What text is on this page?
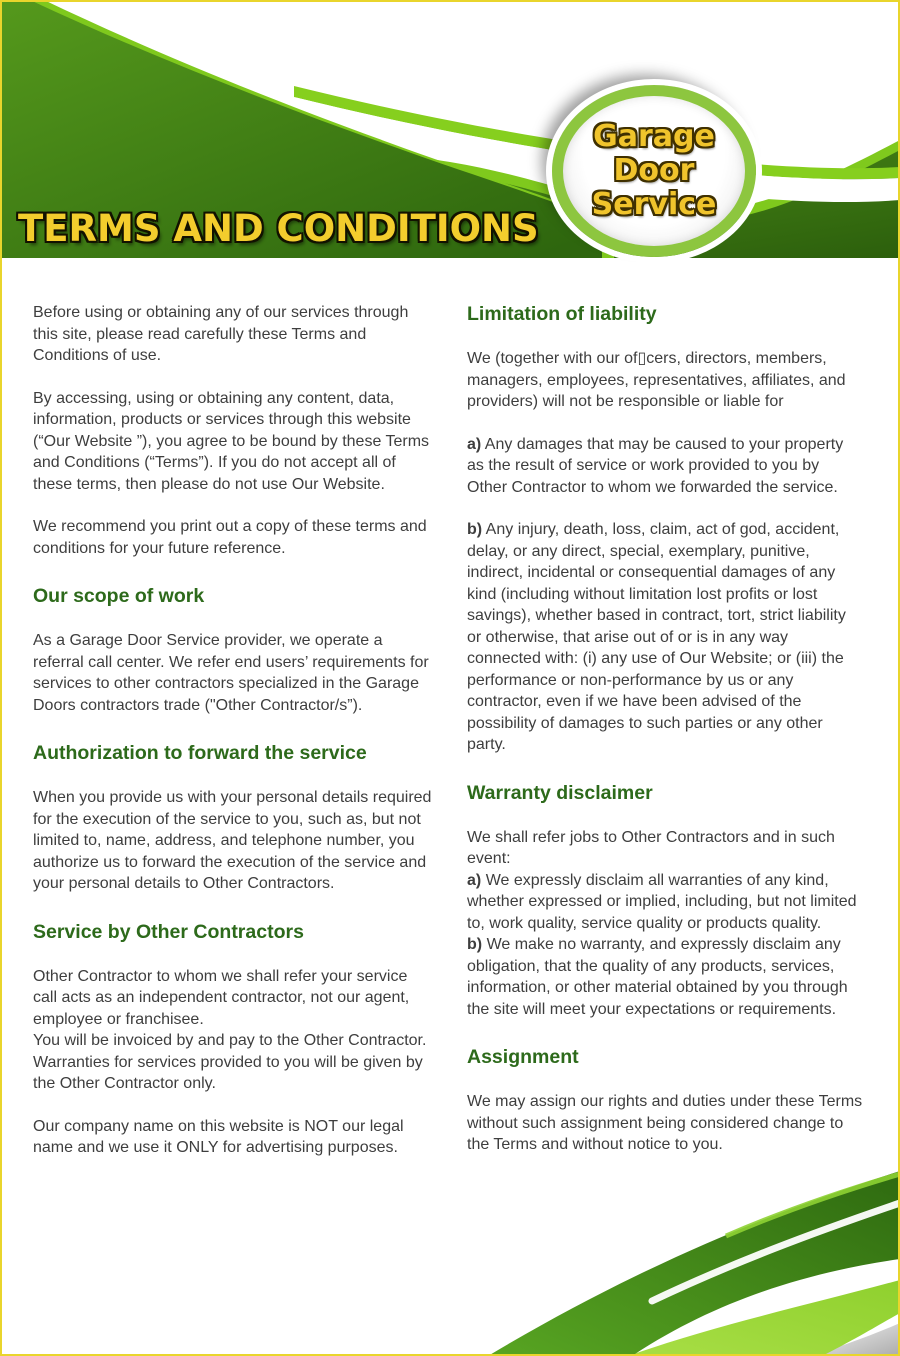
TERMS AND CONDITIONS
Garage
Door
Service

Before using or obtaining any of our services through this site, please read carefully these Terms and Conditions of use.

By accessing, using or obtaining any content, data, information, products or services through this website (“Our Website ”), you agree to be bound by these Terms and Conditions (“Terms”). If you do not accept all of these terms, then please do not use Our Website.

We recommend you print out a copy of these terms and conditions for your future reference.

Our scope of work

As a Garage Door Service provider, we operate a referral call center. We refer end users’ requirements for services to other contractors specialized in the Garage Doors contractors trade ("Other Contractor/s”).

Authorization to forward the service

When you provide us with your personal details required for the execution of the service to you, such as, but not limited to, name, address, and telephone number, you authorize us to forward the execution of the service and your personal details to Other Contractors.

Service by Other Contractors

Other Contractor to whom we shall refer your service call acts as an independent contractor, not our agent, employee or franchisee.
You will be invoiced by and pay to the Other Contractor.
Warranties for services provided to you will be given by the Other Contractor only.

Our company name on this website is NOT our legal name and we use it ONLY for advertising purposes.

Limitation of liability

We (together with our of▯cers, directors, members, managers, employees, representatives, affiliates, and providers) will not be responsible or liable for

a) Any damages that may be caused to your property as the result of service or work provided to you by Other Contractor to whom we forwarded the service.

b) Any injury, death, loss, claim, act of god, accident, delay, or any direct, special, exemplary, punitive, indirect, incidental or consequential damages of any kind (including without limitation lost profits or lost savings), whether based in contract, tort, strict liability or otherwise, that arise out of or is in any way connected with: (i) any use of Our Website; or (iii) the performance or non-performance by us or any contractor, even if we have been advised of the possibility of damages to such parties or any other party.

Warranty disclaimer

We shall refer jobs to Other Contractors and in such event:
a) We expressly disclaim all warranties of any kind, whether expressed or implied, including, but not limited to, work quality, service quality or products quality.
b) We make no warranty, and expressly disclaim any obligation, that the quality of any products, services, information, or other material obtained by you through the site will meet your expectations or requirements.

Assignment

We may assign our rights and duties under these Terms without such assignment being considered change to the Terms and without notice to you.
